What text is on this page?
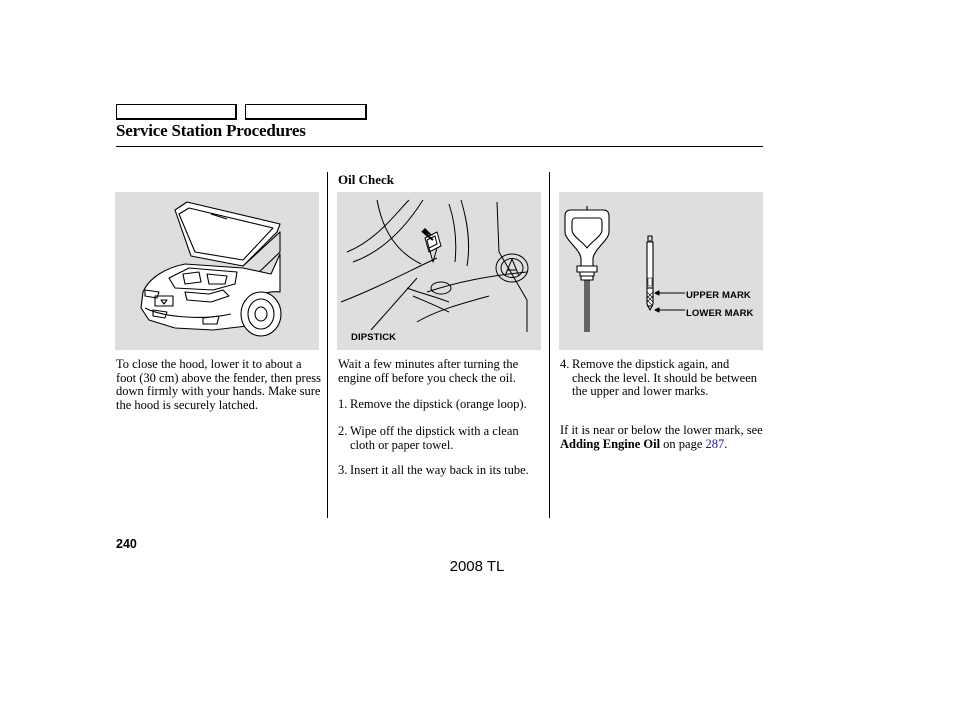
Service Station Procedures
DIPSTICK
UPPER MARK
LOWER MARK
To close the hood, lower it to about a foot (30 cm) above the fender, then press down firmly with your hands. Make sure the hood is securely latched.
Oil Check
Wait a few minutes after turning the engine off before you check the oil.
1. Remove the dipstick (orange loop).
2. Wipe off the dipstick with a clean cloth or paper towel.
3. Insert it all the way back in its tube.
4. Remove the dipstick again, and check the level. It should be between the upper and lower marks.
If it is near or below the lower mark, see Adding Engine Oil on page 287.
240
2008 TL
